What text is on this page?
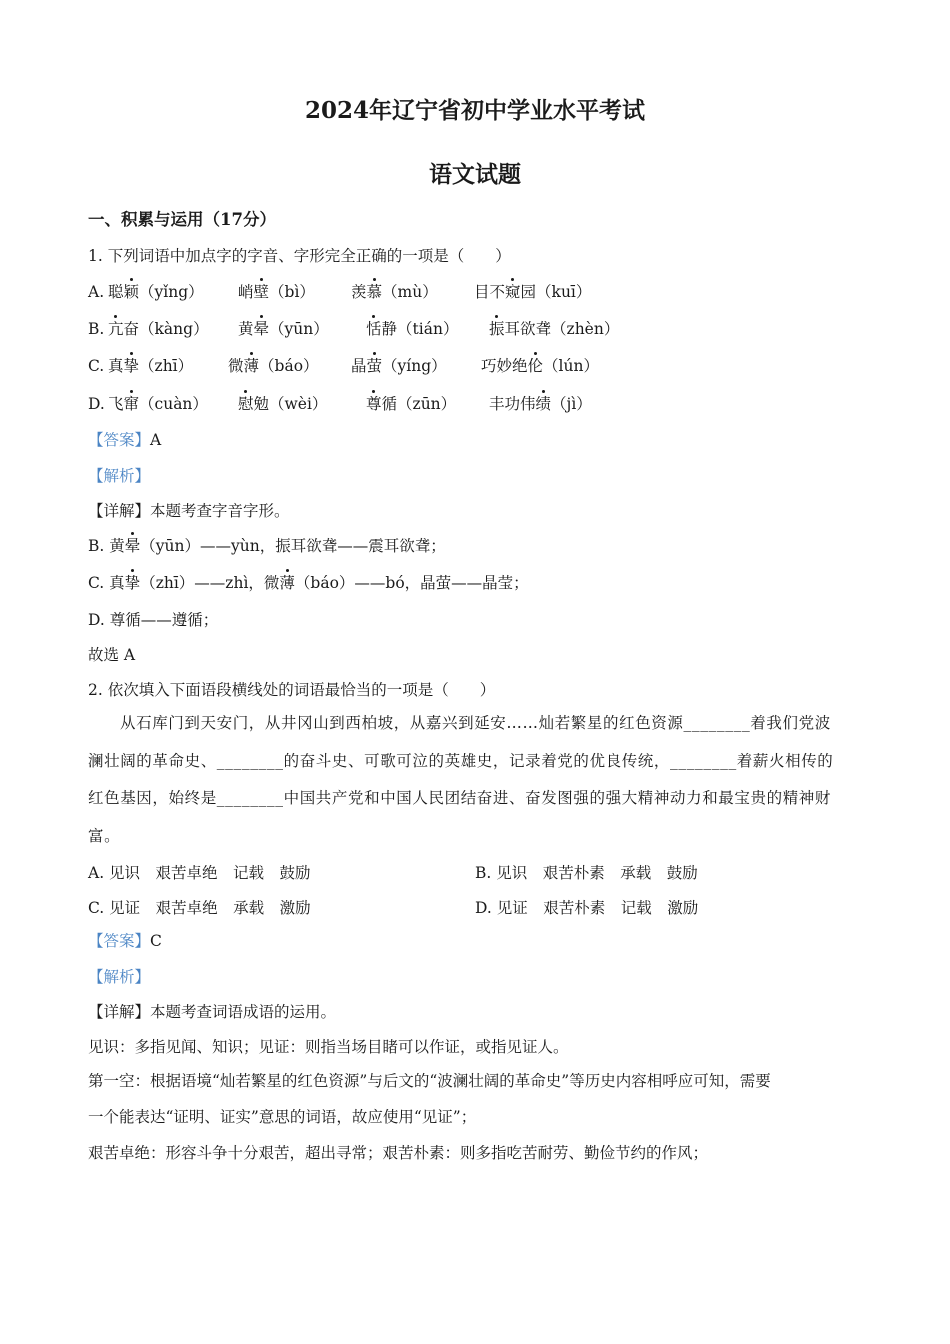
2024年辽宁省初中学业水平考试
语文试题
一、积累与运用（17分）
1. 下列词语中加点字的字音、字形完全正确的一项是（　　）
A. 聪颖（yǐng） 峭壁（bì） 羡慕（mù） 目不窥园（kuī）
B. 亢奋（kàng） 黄晕（yūn） 恬静（tián） 振耳欲聋（zhèn）
C. 真挚（zhī） 微薄（báo） 晶萤（yíng） 巧妙绝伦（lún）
D. 飞窜（cuàn） 慰勉（wèi） 尊循（zūn） 丰功伟绩（jì）
【答案】A
【解析】
【详解】本题考查字音字形。
B. 黄晕（yūn）——yùn，振耳欲聋——震耳欲聋；
C. 真挚（zhī）——zhì，微薄（báo）——bó，晶萤——晶莹；
D. 尊循——遵循；
故选 A
2. 依次填入下面语段横线处的词语最恰当的一项是（　　）
从石库门到天安门，从井冈山到西柏坡，从嘉兴到延安……灿若繁星的红色资源________着我们党波
澜壮阔的革命史、________的奋斗史、可歌可泣的英雄史，记录着党的优良传统，________着薪火相传的
红色基因，始终是________中国共产党和中国人民团结奋进、奋发图强的强大精神动力和最宝贵的精神财
富。
A. 见识　艰苦卓绝　记载　鼓励	B. 见识　艰苦朴素　承载　鼓励
C. 见证　艰苦卓绝　承载　激励	D. 见证　艰苦朴素　记载　激励
【答案】C
【解析】
【详解】本题考查词语成语的运用。
见识：多指见闻、知识；见证：则指当场目睹可以作证，或指见证人。
第一空：根据语境“灿若繁星的红色资源”与后文的“波澜壮阔的革命史”等历史内容相呼应可知，需要
一个能表达“证明、证实”意思的词语，故应使用“见证”；
艰苦卓绝：形容斗争十分艰苦，超出寻常；艰苦朴素：则多指吃苦耐劳、勤俭节约的作风；
